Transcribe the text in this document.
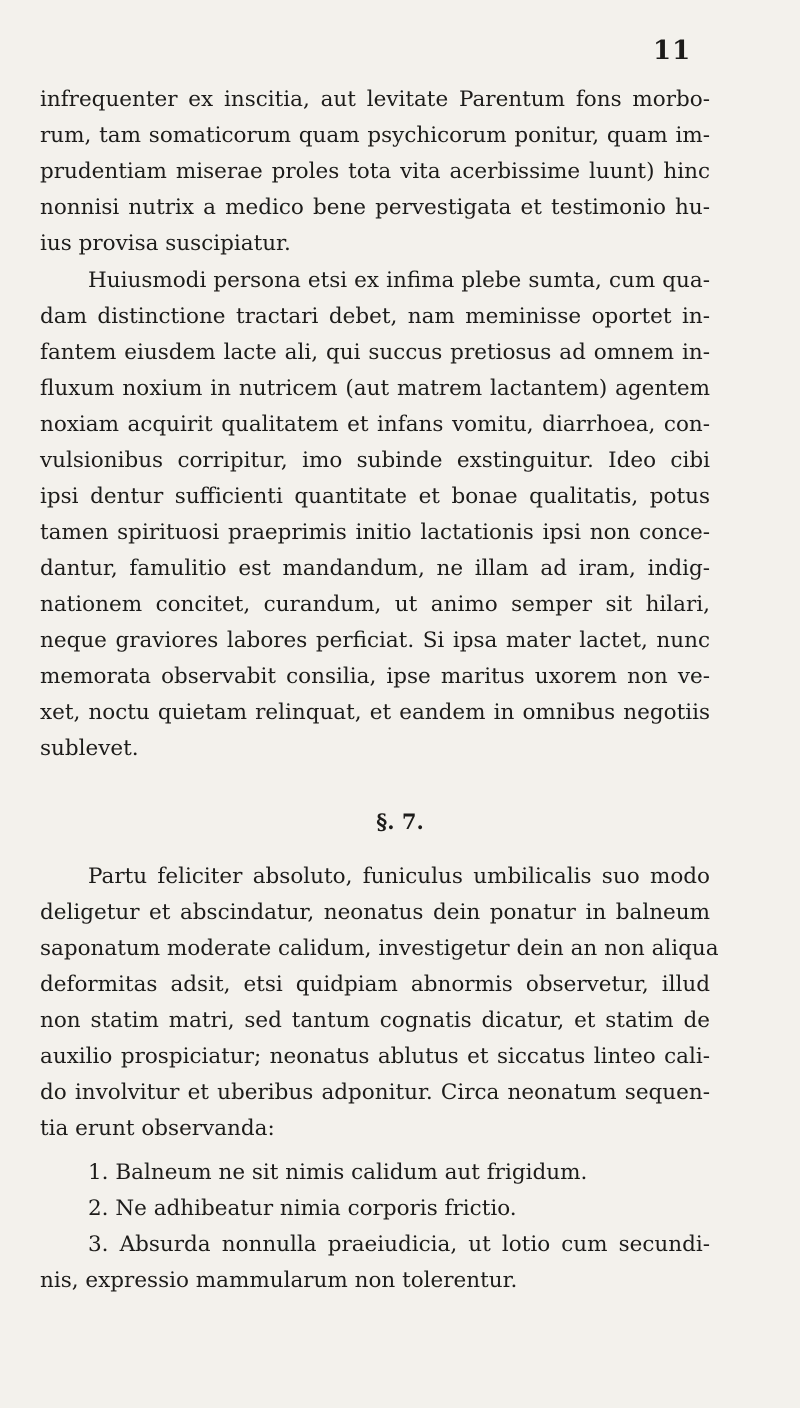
11
infrequenter ex inscitia, aut levitate Parentum fons morbo-
rum, tam somaticorum quam psychicorum ponitur, quam im-
prudentiam miserae proles tota vita acerbissime luunt) hinc
nonnisi nutrix a medico bene pervestigata et testimonio hu-
ius provisa suscipiatur.
Huiusmodi persona etsi ex infima plebe sumta, cum qua-
dam distinctione tractari debet, nam meminisse oportet in-
fantem eiusdem lacte ali, qui succus pretiosus ad omnem in-
fluxum noxium in nutricem (aut matrem lactantem) agentem
noxiam acquirit qualitatem et infans vomitu, diarrhoea, con-
vulsionibus corripitur, imo subinde exstinguitur. Ideo cibi
ipsi dentur sufficienti quantitate et bonae qualitatis, potus
tamen spirituosi praeprimis initio lactationis ipsi non conce-
dantur, famulitio est mandandum, ne illam ad iram, indig-
nationem concitet, curandum, ut animo semper sit hilari,
neque graviores labores perficiat. Si ipsa mater lactet, nunc
memorata observabit consilia, ipse maritus uxorem non ve-
xet, noctu quietam relinquat, et eandem in omnibus negotiis
sublevet.
§. 7.
Partu feliciter absoluto, funiculus umbilicalis suo modo
deligetur et abscindatur, neonatus dein ponatur in balneum
saponatum moderate calidum, investigetur dein an non aliqua
deformitas adsit, etsi quidpiam abnormis observetur, illud
non statim matri, sed tantum cognatis dicatur, et statim de
auxilio prospiciatur; neonatus ablutus et siccatus linteo cali-
do involvitur et uberibus adponitur. Circa neonatum sequen-
tia erunt observanda:
1. Balneum ne sit nimis calidum aut frigidum.
2. Ne adhibeatur nimia corporis frictio.
3. Absurda nonnulla praeiudicia, ut lotio cum secundi-
nis, expressio mammularum non tolerentur.
